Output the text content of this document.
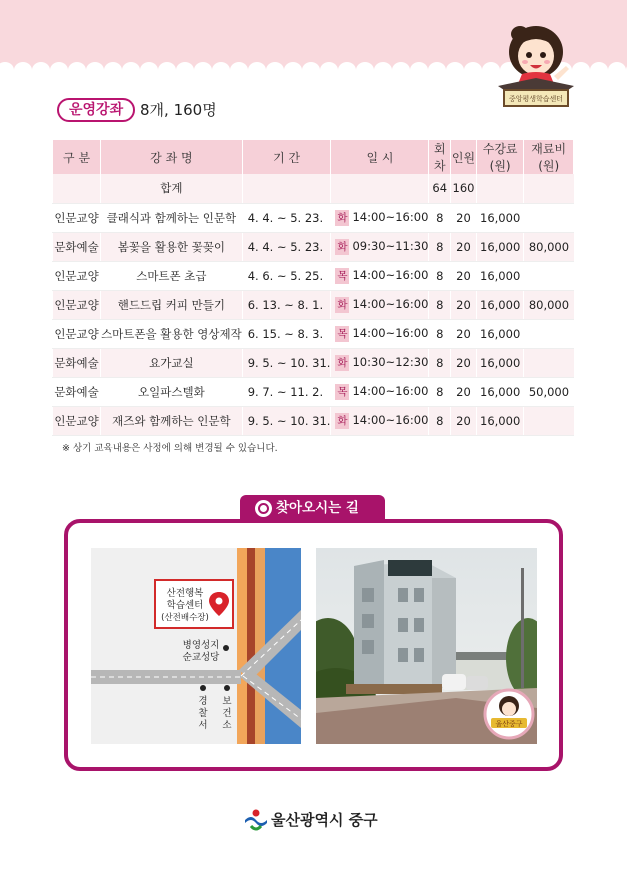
중앙평생학습센터
운영강좌	8개, 160명
구 분	강 좌 명	기 간	일 시	회차	인원	수강료(원)	재료비(원)
	합계			64	160		
인문교양	클래식과 함께하는 인문학	4. 4. ~ 5. 23.	화 14:00~16:00	8	20	16,000	
문화예술	봄꽃을 활용한 꽃꽂이	4. 4. ~ 5. 23.	화 09:30~11:30	8	20	16,000	80,000
인문교양	스마트폰 초급	4. 6. ~ 5. 25.	목 14:00~16:00	8	20	16,000	
인문교양	핸드드립 커피 만들기	6. 13. ~ 8. 1.	화 14:00~16:00	8	20	16,000	80,000
인문교양	스마트폰을 활용한 영상제작	6. 15. ~ 8. 3.	목 14:00~16:00	8	20	16,000	
문화예술	요가교실	9. 5. ~ 10. 31.	화 10:30~12:30	8	20	16,000	
문화예술	오일파스텔화	9. 7. ~ 11. 2.	목 14:00~16:00	8	20	16,000	50,000
인문교양	재즈와 함께하는 인문학	9. 5. ~ 10. 31.	화 14:00~16:00	8	20	16,000	
※ 상기 교육내용은 사정에 의해 변경될 수 있습니다.
찾아오시는 길
산전행복
학습센터
(산전배수장)
병영성지
순교성당
경찰서
보건소	울산중구
울산광역시 중구
